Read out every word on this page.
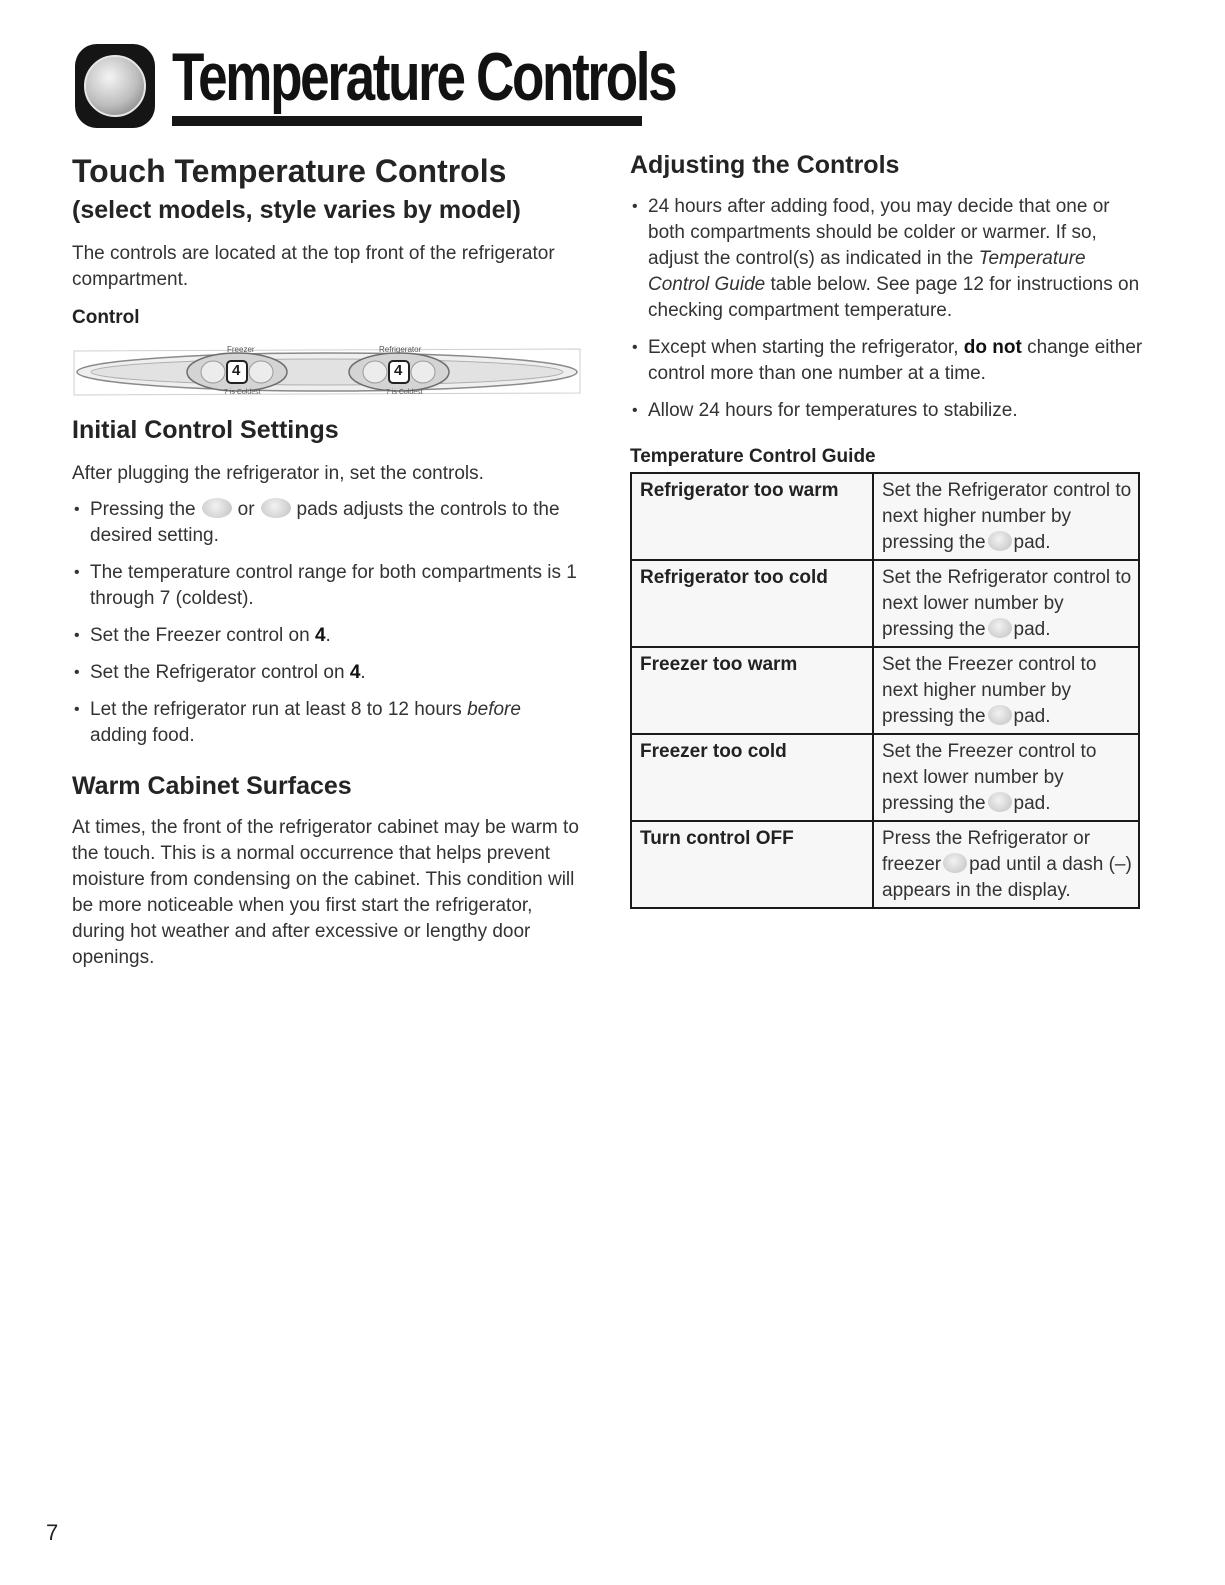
Temperature Controls
Touch Temperature Controls
(select models, style varies by model)

The controls are located at the top front of the refrigerator compartment.

Control
Freezer	Refrigerator
4	4
7 is Coldest	7 is Coldest
Initial Control Settings

After plugging the refrigerator in, set the controls.

• Pressing the or pads adjusts the controls to the desired setting.
• The temperature control range for both compartments is 1 through 7 (coldest).
• Set the Freezer control on 4.
• Set the Refrigerator control on 4.
• Let the refrigerator run at least 8 to 12 hours before adding food.
Warm Cabinet Surfaces

At times, the front of the refrigerator cabinet may be warm to the touch. This is a normal occurrence that helps prevent moisture from condensing on the cabinet. This condition will be more noticeable when you first start the refrigerator, during hot weather and after excessive or lengthy door openings.

Adjusting the Controls
• 24 hours after adding food, you may decide that one or both compartments should be colder or warmer. If so, adjust the control(s) as indicated in the Temperature Control Guide table below. See page 12 for instructions on checking compartment temperature.
• Except when starting the refrigerator, do not change either control more than one number at a time.
• Allow 24 hours for temperatures to stabilize.
Temperature Control Guide
Refrigerator too warm	Set the Refrigerator control to next higher number by pressing the pad.
Refrigerator too cold	Set the Refrigerator control to next lower number by pressing the pad.
Freezer too warm	Set the Freezer control to next higher number by pressing the pad.
Freezer too cold	Set the Freezer control to next lower number by pressing the pad.
Turn control OFF	Press the Refrigerator or freezer pad until a dash (–) appears in the display.
7
